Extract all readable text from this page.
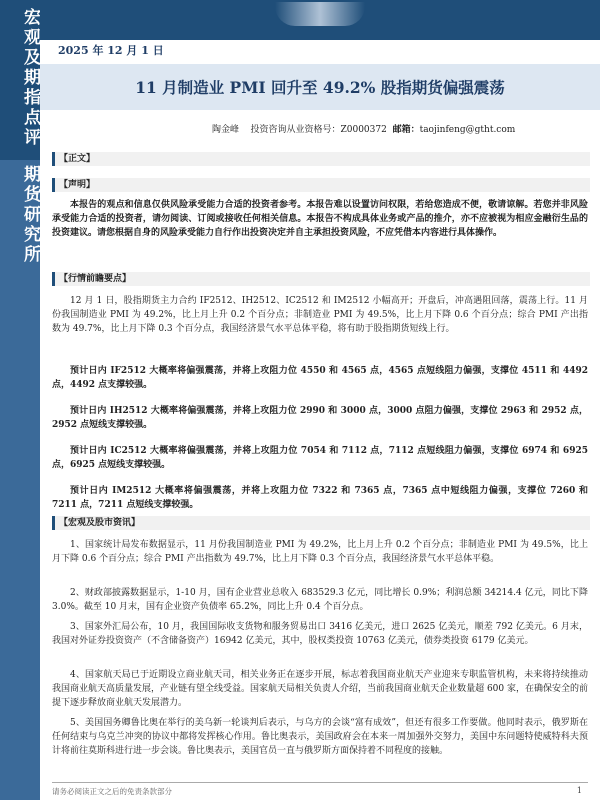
宏观及期指点评
期货研究所
2025 年 12 月 1 日
11 月制造业 PMI 回升至 49.2% 股指期货偏强震荡
陶金峰 投资咨询从业资格号：Z0000372 邮箱：taojinfeng@gtht.com
【正文】
【声明】
本报告的观点和信息仅供风险承受能力合适的投资者参考。本报告难以设置访问权限，若给您造成不便，敬请谅解。若您并非风险承受能力合适的投资者，请勿阅读、订阅或接收任何相关信息。本报告不构成具体业务或产品的推介，亦不应被视为相应金融衍生品的投资建议。请您根据自身的风险承受能力自行作出投资决定并自主承担投资风险，不应凭借本内容进行具体操作。
【行情前瞻要点】
12 月 1 日，股指期货主力合约 IF2512、IH2512、IC2512 和 IM2512 小幅高开；开盘后，冲高遇阻回落，震荡上行。11 月份我国制造业 PMI 为 49.2%，比上月上升 0.2 个百分点；非制造业 PMI 为 49.5%，比上月下降 0.6 个百分点；综合 PMI 产出指数为 49.7%，比上月下降 0.3 个百分点，我国经济景气水平总体平稳，将有助于股指期货短线上行。
预计日内 IF2512 大概率将偏强震荡，并将上攻阻力位 4550 和 4565 点，4565 点短线阻力偏强，支撑位 4511 和 4492 点，4492 点支撑较强。
预计日内 IH2512 大概率将偏强震荡，并将上攻阻力位 2990 和 3000 点，3000 点阻力偏强，支撑位 2963 和 2952 点，2952 点短线支撑较强。
预计日内 IC2512 大概率将偏强震荡，并将上攻阻力位 7054 和 7112 点，7112 点短线阻力偏强，支撑位 6974 和 6925 点，6925 点短线支撑较强。
预计日内 IM2512 大概率将偏强震荡，并将上攻阻力位 7322 和 7365 点，7365 点中短线阻力偏强，支撑位 7260 和 7211 点，7211 点短线支撑较强。
【宏观及股市资讯】
1、国家统计局发布数据显示，11 月份我国制造业 PMI 为 49.2%，比上月上升 0.2 个百分点；非制造业 PMI 为 49.5%，比上月下降 0.6 个百分点；综合 PMI 产出指数为 49.7%，比上月下降 0.3 个百分点，我国经济景气水平总体平稳。
2、财政部披露数据显示，1-10 月，国有企业营业总收入 683529.3 亿元，同比增长 0.9%；利润总额 34214.4 亿元，同比下降 3.0%。截至 10 月末，国有企业资产负债率 65.2%，同比上升 0.4 个百分点。
3、国家外汇局公布，10 月，我国国际收支货物和服务贸易出口 3416 亿美元，进口 2625 亿美元，顺差 792 亿美元。6 月末，我国对外证券投资资产（不含储备资产）16942 亿美元，其中，股权类投资 10763 亿美元，债券类投资 6179 亿美元。
4、国家航天局已于近期设立商业航天司，相关业务正在逐步开展，标志着我国商业航天产业迎来专职监管机构，未来将持续推动我国商业航天高质量发展，产业链有望全线受益。国家航天局相关负责人介绍，当前我国商业航天企业数量超 600 家，在确保安全的前提下逐步释放商业航天发展潜力。
5、美国国务卿鲁比奥在举行的美乌新一轮谈判后表示，与乌方的会谈“富有成效”，但还有很多工作要做。他同时表示，俄罗斯在任何结束与乌克兰冲突的协议中都将发挥核心作用。鲁比奥表示，美国政府会在本来一周加强外交努力，美国中东问题特使威特科夫预计将前往莫斯科进行进一步会谈。鲁比奥表示，美国官员一直与俄罗斯方面保持着不同程度的接触。
请务必阅读正文之后的免责条款部分	1
